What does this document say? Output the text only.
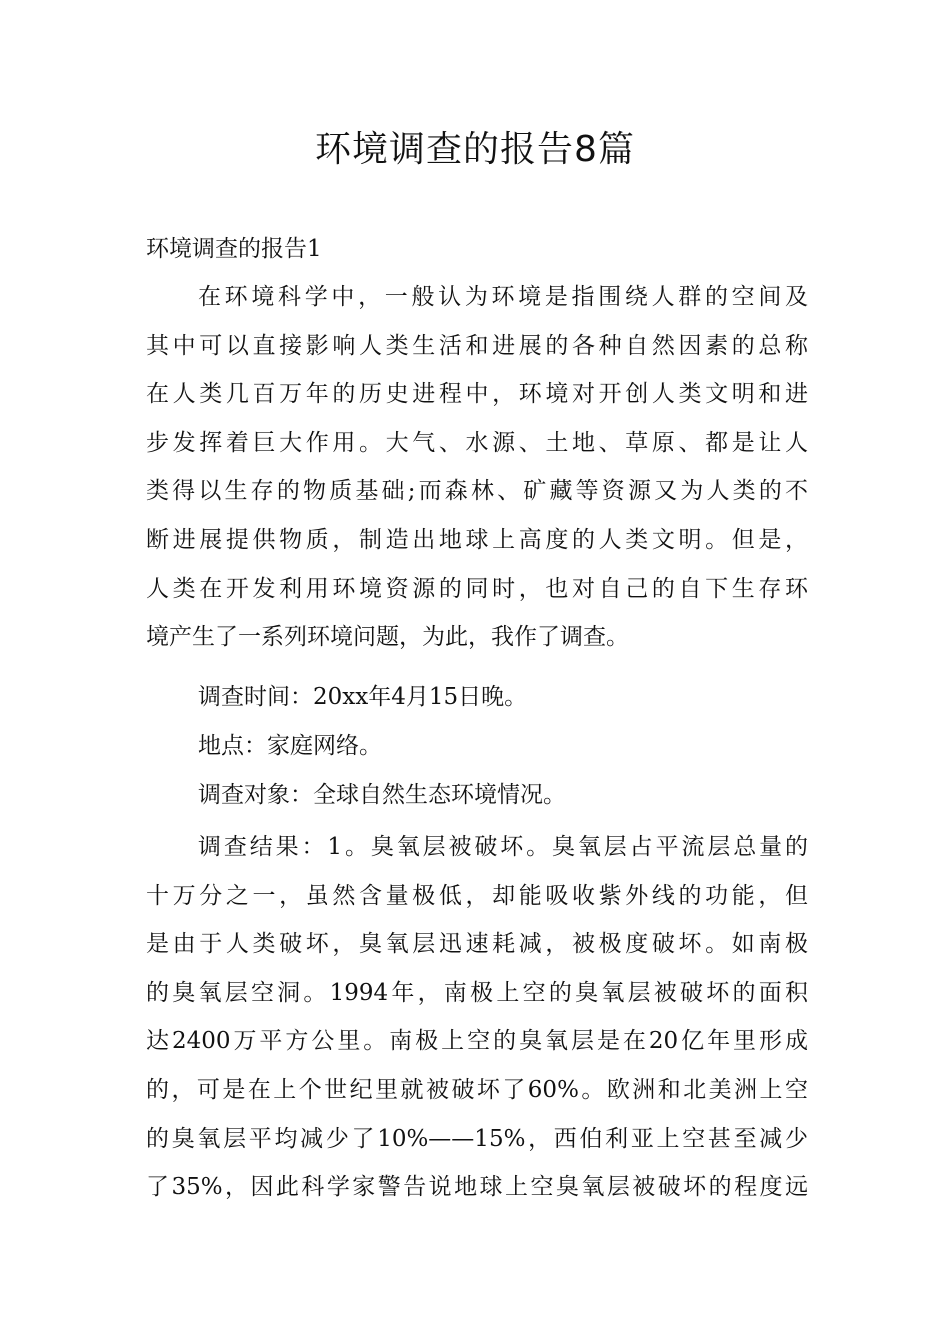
环境调查的报告8篇
环境调查的报告1
在环境科学中，一般认为环境是指围绕人群的空间及
其中可以直接影响人类生活和进展的各种自然因素的总称
在人类几百万年的历史进程中，环境对开创人类文明和进
步发挥着巨大作用。大气、水源、土地、草原、都是让人
类得以生存的物质基础;而森林、矿藏等资源又为人类的不
断进展提供物质，制造出地球上高度的人类文明。但是，
人类在开发利用环境资源的同时，也对自己的自下生存环
境产生了一系列环境问题，为此，我作了调查。

调查时间：20xx年4月15日晚。

地点：家庭网络。

调查对象：全球自然生态环境情况。

调查结果：1。臭氧层被破坏。臭氧层占平流层总量的
十万分之一，虽然含量极低，却能吸收紫外线的功能，但
是由于人类破坏，臭氧层迅速耗减，被极度破坏。如南极
的臭氧层空洞。1994年，南极上空的臭氧层被破坏的面积
达2400万平方公里。南极上空的臭氧层是在20亿年里形成
的，可是在上个世纪里就被破坏了60%。欧洲和北美洲上空
的臭氧层平均减少了10%——15%，西伯利亚上空甚至减少
了35%，因此科学家警告说地球上空臭氧层被破坏的程度远
